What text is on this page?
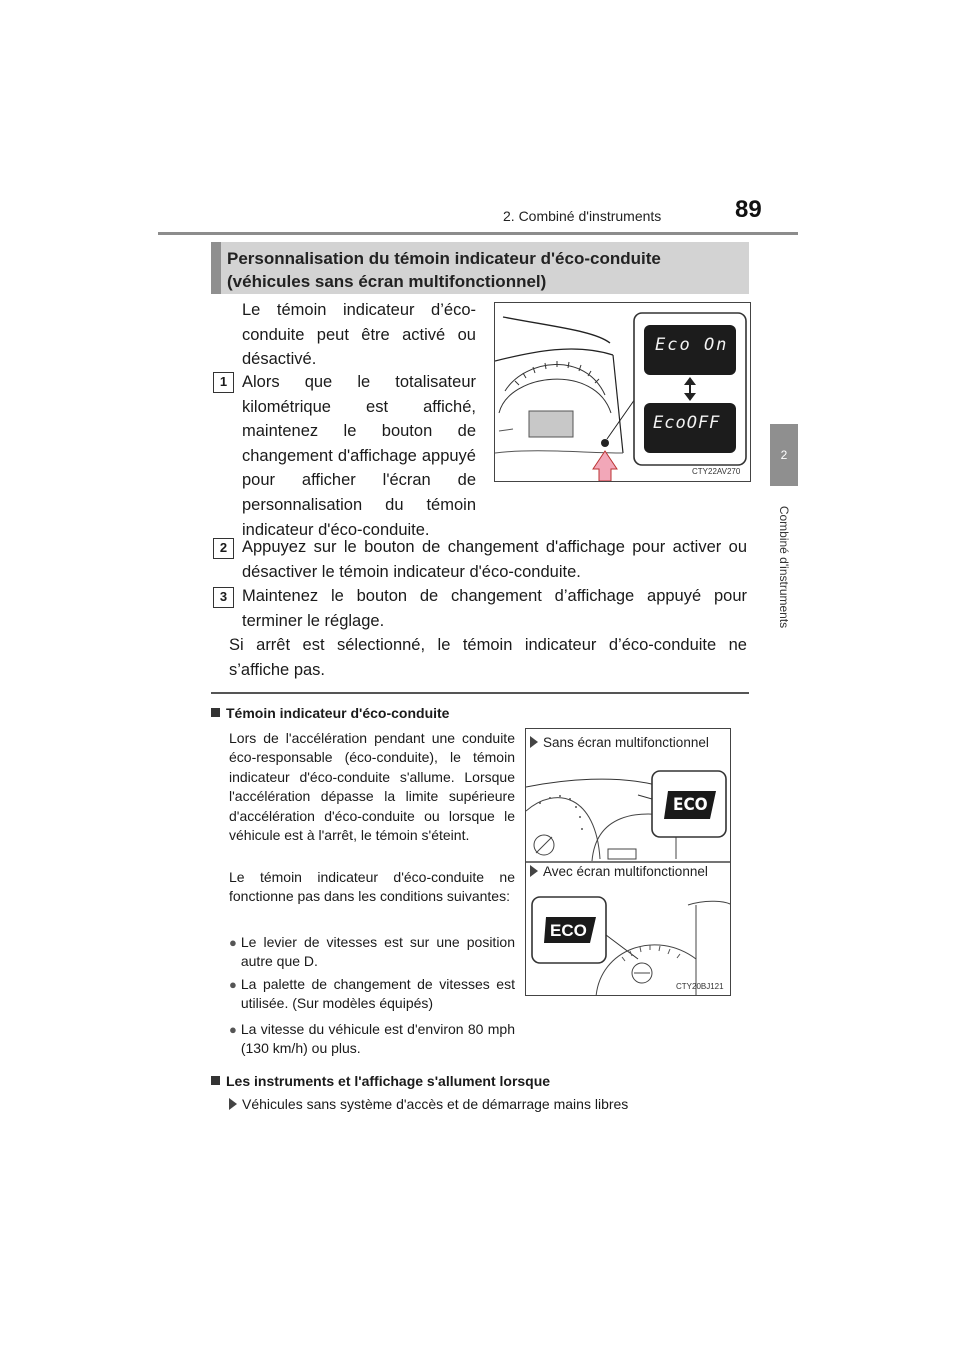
2. Combiné d'instruments	89
2
Combiné d'instruments
Personnalisation du témoin indicateur d'éco-conduite (véhicules sans écran multifonctionnel)
Le témoin indicateur d’éco-conduite peut être activé ou désactivé.
1 Alors que le totalisateur kilométrique est affiché, maintenez le bouton de changement d'affichage appuyé pour afficher l'écran de personnalisation du témoin indicateur d'éco-conduite.
Eco On
EcoOFF
CTY22AV270
2 Appuyez sur le bouton de changement d'affichage pour activer ou désactiver le témoin indicateur d'éco-conduite.
3 Maintenez le bouton de changement d’affichage appuyé pour terminer le réglage.
Si arrêt est sélectionné, le témoin indicateur d’éco-conduite ne s’affiche pas.
Témoin indicateur d'éco-conduite
Lors de l'accélération pendant une conduite éco-responsable (éco-conduite), le témoin indicateur d'éco-conduite s'allume. Lorsque l'accélération dépasse la limite supérieure d'accélération d'éco-conduite ou lorsque le véhicule est à l'arrêt, le témoin s'éteint.
Le témoin indicateur d'éco-conduite ne fonctionne pas dans les conditions suivantes:
● Le levier de vitesses est sur une position autre que D.
● La palette de changement de vitesses est utilisée. (Sur modèles équipés)
● La vitesse du véhicule est d'environ 80 mph (130 km/h) ou plus.
Sans écran multifonctionnel
Avec écran multifonctionnel
ECO
ECO
CTY20BJ121
Les instruments et l'affichage s'allument lorsque
Véhicules sans système d'accès et de démarrage mains libres
